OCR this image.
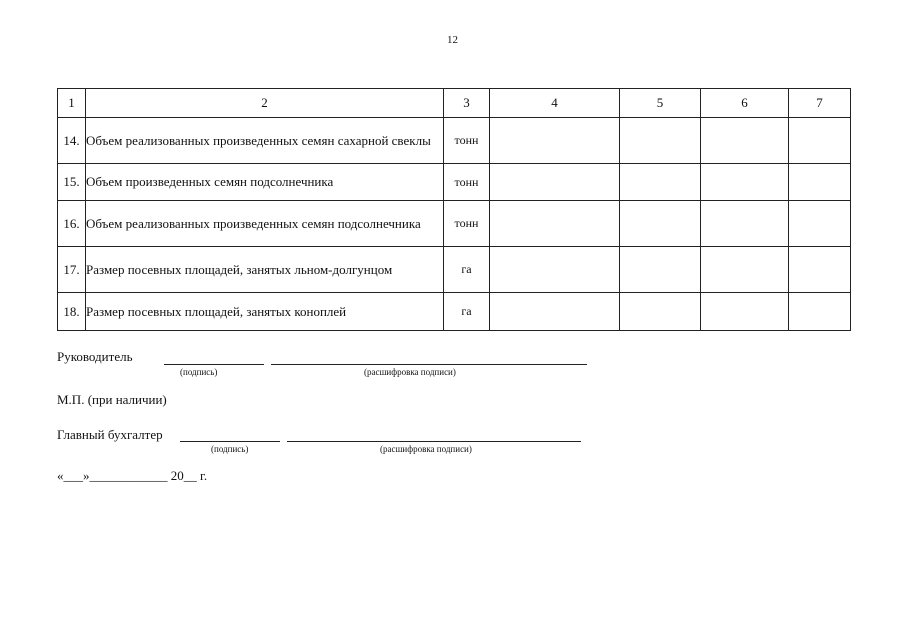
12
1	2	3	4	5	6	7
14.	Объем реализованных произведенных семян сахарной свеклы	тонн				
15.	Объем произведенных семян подсолнечника	тонн				
16.	Объем реализованных произведенных семян подсолнечника	тонн				
17.	Размер посевных площадей, занятых льном-долгунцом	га				
18.	Размер посевных площадей, занятых коноплей	га				
Руководитель
(подпись)	(расшифровка подписи)
М.П. (при наличии)
Главный бухгалтер
(подпись)	(расшифровка подписи)
«___»____________ 20__ г.
